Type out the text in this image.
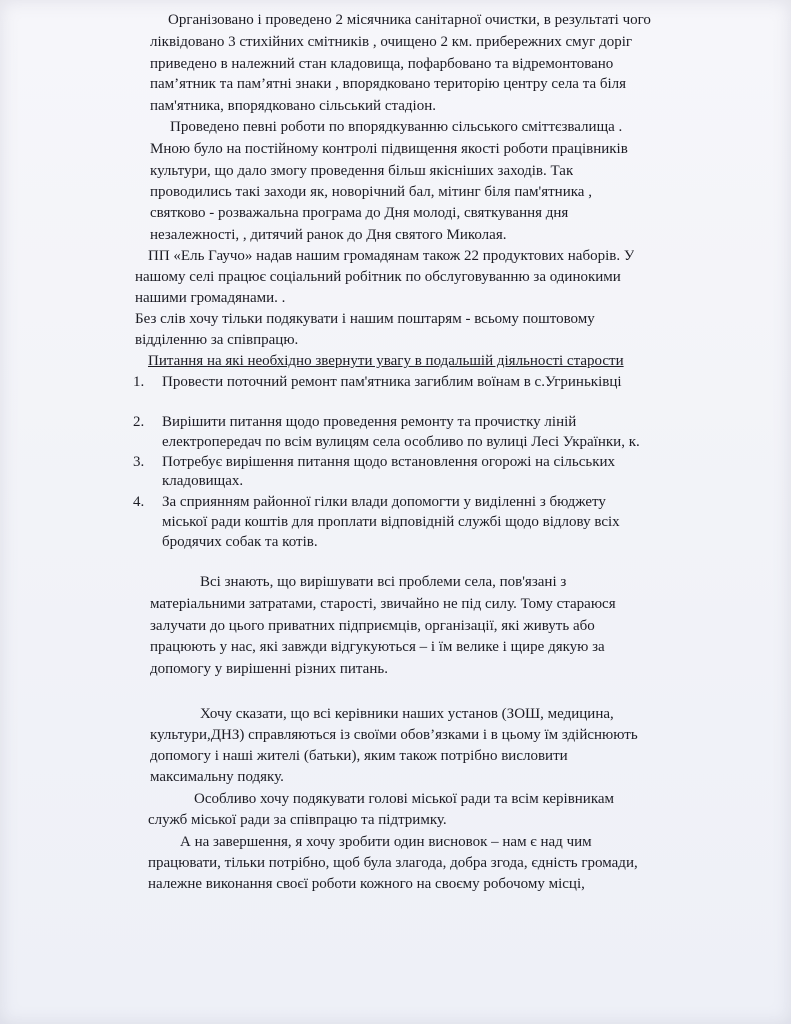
Організовано і проведено 2 місячника санітарної очистки, в результаті чого
ліквідовано 3 стихійних смітників , очищено 2 км. прибережних смуг доріг
приведено в належний стан кладовища, пофарбовано та відремонтовано
пам’ятник та пам’ятні знаки , впорядковано територію центру села та біля
пам'ятника, впорядковано сільський стадіон.
Проведено певні роботи по впорядкуванню сільського сміттєзвалища .
Мною було на постійному контролі підвищення якості роботи працівників
культури, що дало змогу проведення більш якісніших заходів. Так
проводились такі заходи як, новорічний бал, мітинг біля пам'ятника ,
святково - розважальна програма до Дня молоді, святкування дня
незалежності, , дитячий ранок до Дня святого Миколая.
ПП «Ель Гаучо» надав нашим громадянам також 22 продуктових наборів. У
нашому селі працює соціальний робітник по обслуговуванню за одинокими
нашими громадянами. .
Без слів хочу тільки подякувати і нашим поштарям - всьому поштовому
відділенню за співпрацю.
Питання на які необхідно звернути увагу в подальшій діяльності старости
1. Провести поточний ремонт пам'ятника загиблим воїнам в с.Угриньківці
2. Вирішити питання щодо проведення ремонту та прочистку ліній
електропередач по всім вулицям села особливо по вулиці Лесі Українки, к.
3. Потребує вирішення питання щодо встановлення огорожі на сільських
кладовищах.
4. За сприянням районної гілки влади допомогти у виділенні з бюджету
міської ради коштів для проплати відповідній службі щодо відлову всіх
бродячих собак та котів.
Всі знають, що вирішувати всі проблеми села, пов'язані з
матеріальними затратами, старості, звичайно не під силу. Тому стараюся
залучати до цього приватних підприємців, організації, які живуть або
працюють у нас, які завжди відгукуються – і їм велике і щире дякую за
допомогу у вирішенні різних питань.
Хочу сказати, що всі керівники наших установ (ЗОШ, медицина,
культури,ДНЗ) справляються із своїми обов’язками і в цьому їм здійснюють
допомогу і наші жителі (батьки), яким також потрібно висловити
максимальну подяку.
Особливо хочу подякувати голові міської ради та всім керівникам
служб міської ради за співпрацю та підтримку.
А на завершення, я хочу зробити один висновок – нам є над чим
працювати, тільки потрібно, щоб була злагода, добра згода, єдність громади,
належне виконання своєї роботи кожного на своєму робочому місці,
